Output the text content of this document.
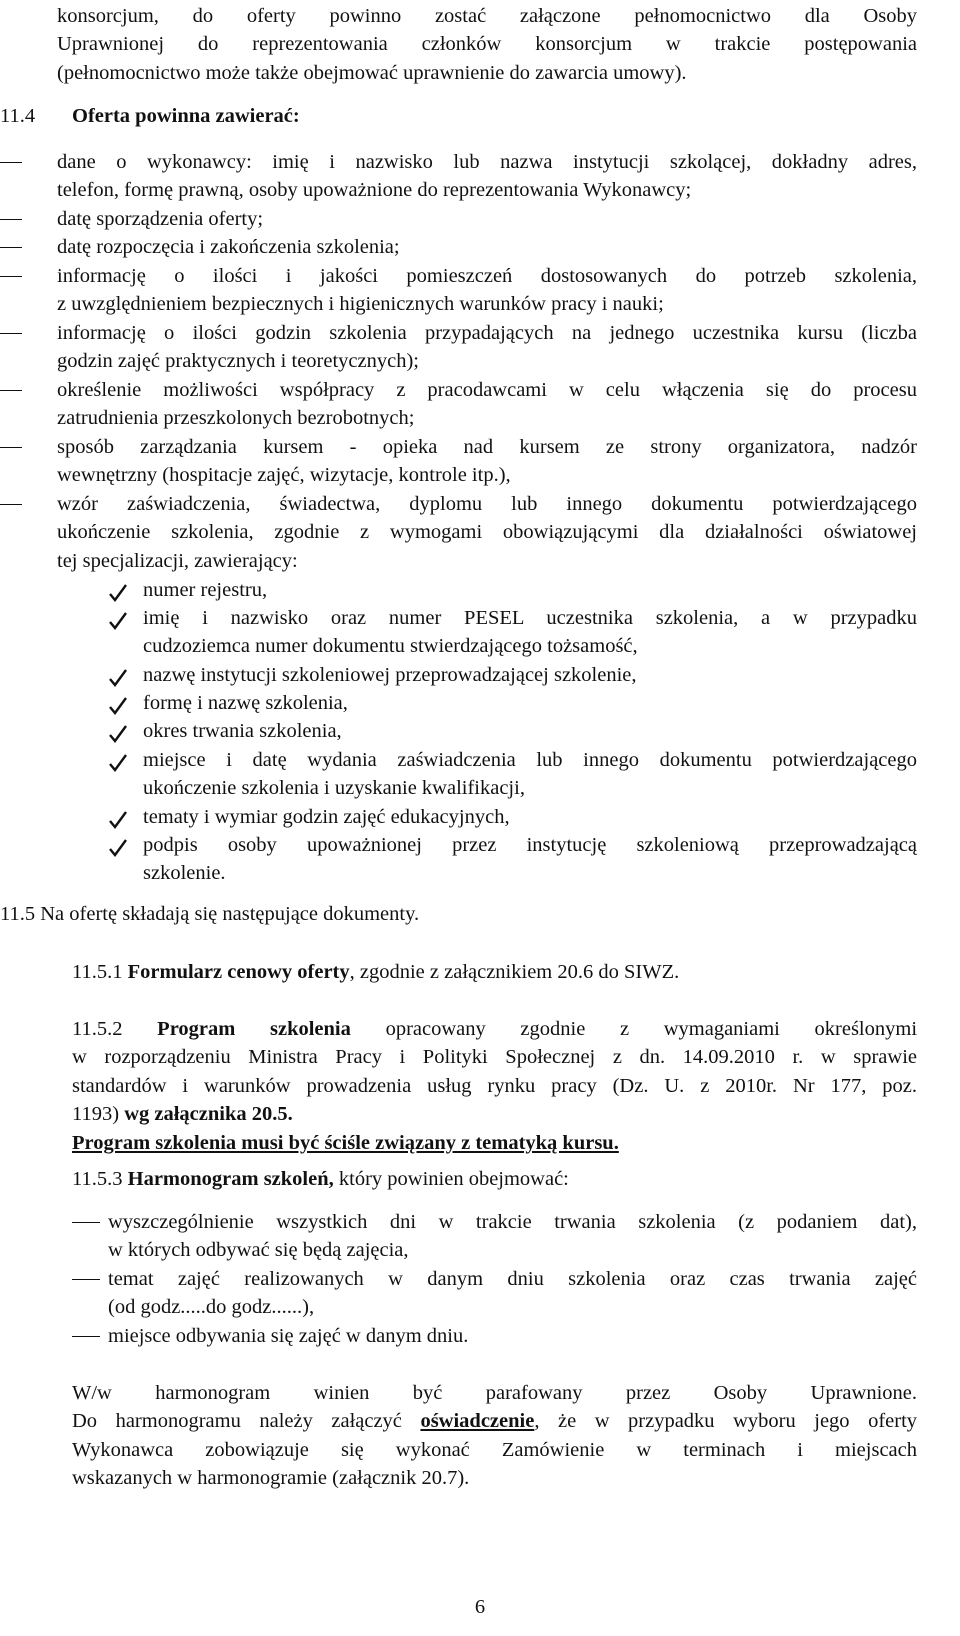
konsorcjum, do oferty powinno zostać załączone pełnomocnictwo dla Osoby
Uprawnionej do reprezentowania członków konsorcjum w trakcie postępowania
(pełnomocnictwo może także obejmować uprawnienie do zawarcia umowy).
11.4 Oferta powinna zawierać:
dane o wykonawcy: imię i nazwisko lub nazwa instytucji szkolącej, dokładny adres,
telefon, formę prawną, osoby upoważnione do reprezentowania Wykonawcy;
datę sporządzenia oferty;
datę rozpoczęcia i zakończenia szkolenia;
informację o ilości i jakości pomieszczeń dostosowanych do potrzeb szkolenia,
z uwzględnieniem bezpiecznych i higienicznych warunków pracy i nauki;
informację o ilości godzin szkolenia przypadających na jednego uczestnika kursu (liczba
godzin zajęć praktycznych i teoretycznych);
określenie możliwości współpracy z pracodawcami w celu włączenia się do procesu
zatrudnienia przeszkolonych bezrobotnych;
sposób zarządzania kursem - opieka nad kursem ze strony organizatora, nadzór
wewnętrzny (hospitacje zajęć, wizytacje, kontrole itp.),
wzór zaświadczenia, świadectwa, dyplomu lub innego dokumentu potwierdzającego
ukończenie szkolenia, zgodnie z wymogami obowiązującymi dla działalności oświatowej
tej specjalizacji, zawierający:
numer rejestru,
imię i nazwisko oraz numer PESEL uczestnika szkolenia, a w przypadku
cudzoziemca numer dokumentu stwierdzającego tożsamość,
nazwę instytucji szkoleniowej przeprowadzającej szkolenie,
formę i nazwę szkolenia,
okres trwania szkolenia,
miejsce i datę wydania zaświadczenia lub innego dokumentu potwierdzającego
ukończenie szkolenia i uzyskanie kwalifikacji,
tematy i wymiar godzin zajęć edukacyjnych,
podpis osoby upoważnionej przez instytucję szkoleniową przeprowadzającą
szkolenie.
11.5 Na ofertę składają się następujące dokumenty.
11.5.1 Formularz cenowy oferty, zgodnie z załącznikiem 20.6 do SIWZ.
11.5.2 Program szkolenia opracowany zgodnie z wymaganiami określonymi
w rozporządzeniu Ministra Pracy i Polityki Społecznej z dn. 14.09.2010 r. w sprawie
standardów i warunków prowadzenia usług rynku pracy (Dz. U. z 2010r. Nr 177, poz.
1193) wg załącznika 20.5.
Program szkolenia musi być ściśle związany z tematyką kursu.
11.5.3 Harmonogram szkoleń, który powinien obejmować:
wyszczególnienie wszystkich dni w trakcie trwania szkolenia (z podaniem dat),
w których odbywać się będą zajęcia,
temat zajęć realizowanych w danym dniu szkolenia oraz czas trwania zajęć
(od godz.....do godz......),
miejsce odbywania się zajęć w danym dniu.
W/w harmonogram winien być parafowany przez Osoby Uprawnione.
Do harmonogramu należy załączyć oświadczenie, że w przypadku wyboru jego oferty
Wykonawca zobowiązuje się wykonać Zamówienie w terminach i miejscach
wskazanych w harmonogramie (załącznik 20.7).
6
